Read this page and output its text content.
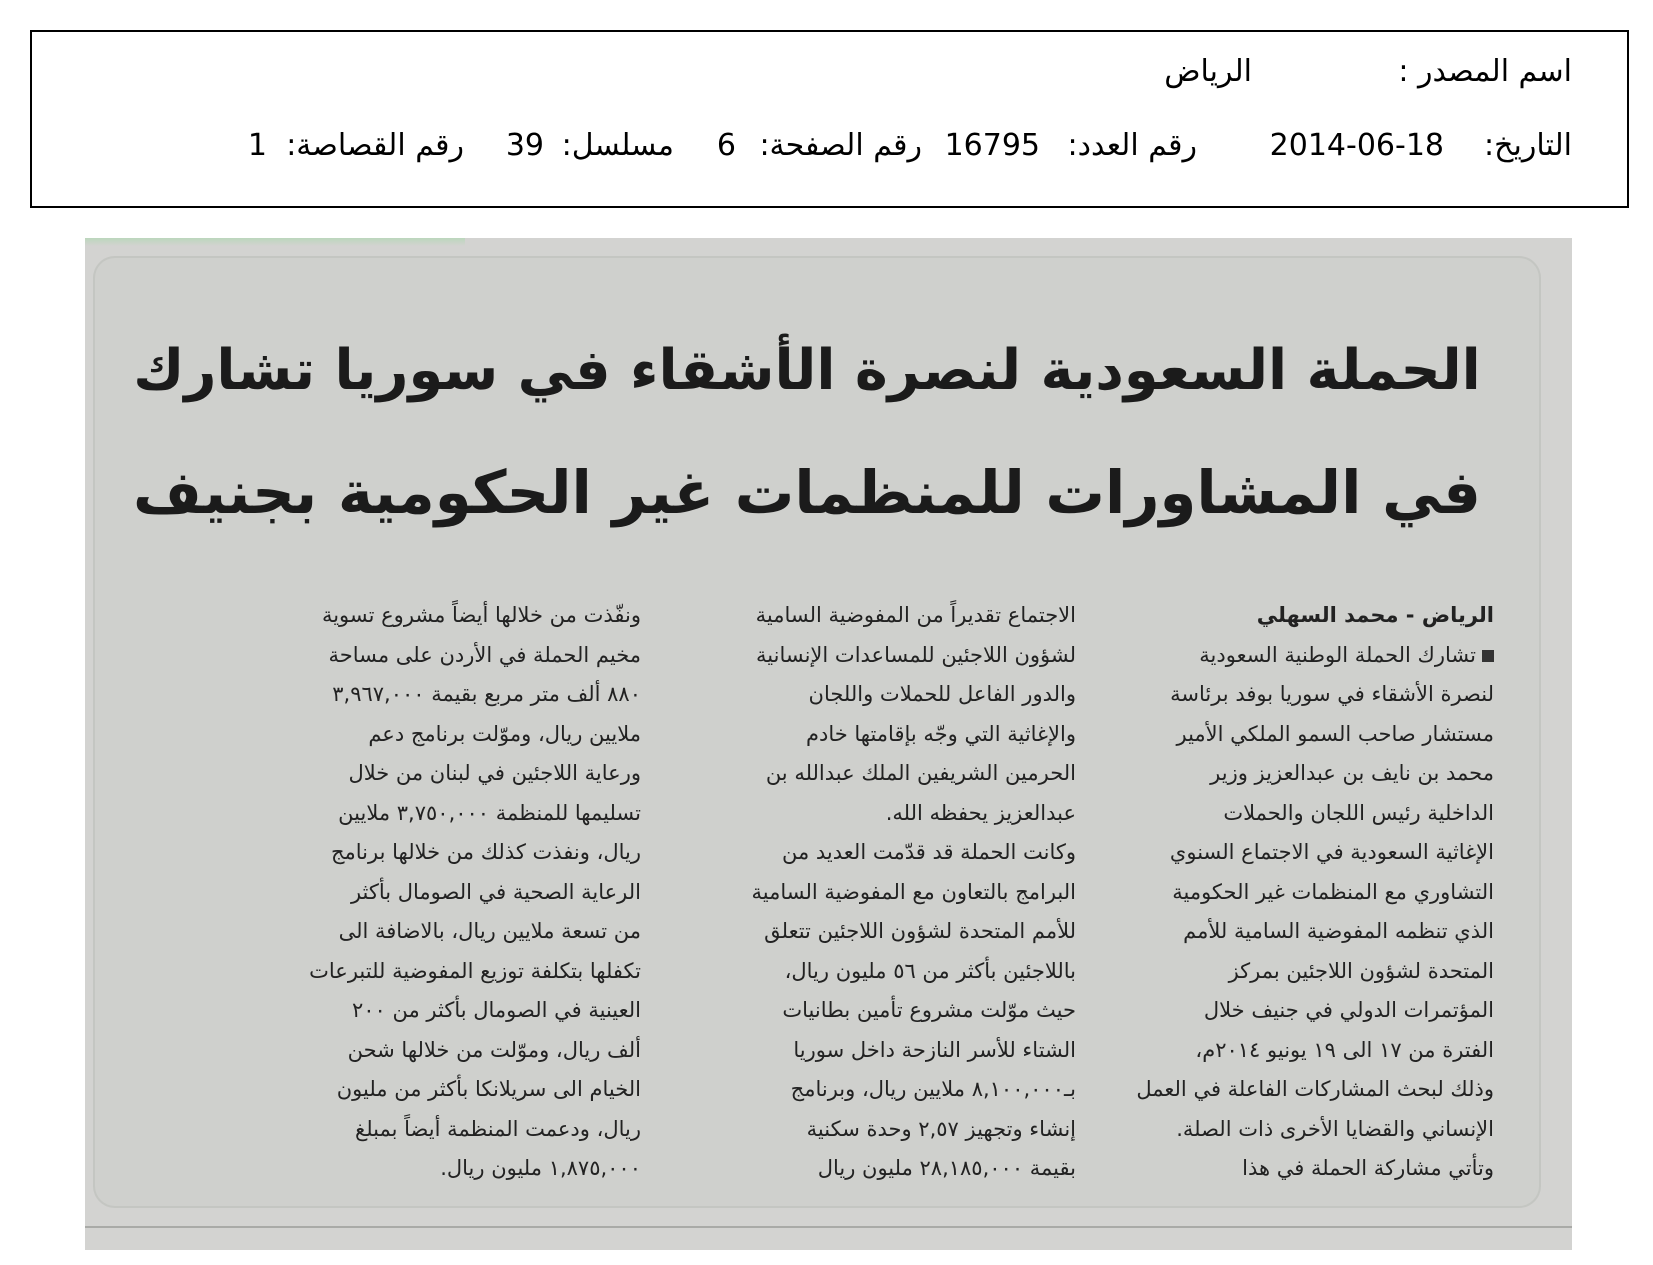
اسم المصدر :
الرياض
التاريخ:
2014-06-18
رقم العدد:
16795
رقم الصفحة:
6
مسلسل:
39
رقم القصاصة:
1
الحملة السعودية لنصرة الأشقاء في سوريا تشارك
في المشاورات للمنظمات غير الحكومية بجنيف
الرياض - محمد السهلي
تشارك الحملة الوطنية السعودية
لنصرة الأشقاء في سوريا بوفد برئاسة
مستشار صاحب السمو الملكي الأمير
محمد بن نايف بن عبدالعزيز وزير
الداخلية رئيس اللجان والحملات
الإغاثية السعودية في الاجتماع السنوي
التشاوري مع المنظمات غير الحكومية
الذي تنظمه المفوضية السامية للأمم
المتحدة لشؤون اللاجئين بمركز
المؤتمرات الدولي في جنيف خلال
الفترة من ١٧ الى ١٩ يونيو ٢٠١٤م،
وذلك لبحث المشاركات الفاعلة في العمل
الإنساني والقضايا الأخرى ذات الصلة.
وتأتي مشاركة الحملة في هذا
الاجتماع تقديراً من المفوضية السامية
لشؤون اللاجئين للمساعدات الإنسانية
والدور الفاعل للحملات واللجان
والإغاثية التي وجّه بإقامتها خادم
الحرمين الشريفين الملك عبدالله بن
عبدالعزيز يحفظه الله.
وكانت الحملة قد قدّمت العديد من
البرامج بالتعاون مع المفوضية السامية
للأمم المتحدة لشؤون اللاجئين تتعلق
باللاجئين بأكثر من ٥٦ مليون ريال،
حيث موّلت مشروع تأمين بطانيات
الشتاء للأسر النازحة داخل سوريا
بـ٨,١٠٠,٠٠٠ ملايين ريال، وبرنامج
إنشاء وتجهيز ٢,٥٧ وحدة سكنية
بقيمة ٢٨,١٨٥,٠٠٠ مليون ريال
ونفّذت من خلالها أيضاً مشروع تسوية
مخيم الحملة في الأردن على مساحة
٨٨٠ ألف متر مربع بقيمة ٣,٩٦٧,٠٠٠
ملايين ريال، وموّلت برنامج دعم
ورعاية اللاجئين في لبنان من خلال
تسليمها للمنظمة ٣,٧٥٠,٠٠٠ ملايين
ريال، ونفذت كذلك من خلالها برنامج
الرعاية الصحية في الصومال بأكثر
من تسعة ملايين ريال، بالاضافة الى
تكفلها بتكلفة توزيع المفوضية للتبرعات
العينية في الصومال بأكثر من ٢٠٠
ألف ريال، وموّلت من خلالها شحن
الخيام الى سريلانكا بأكثر من مليون
ريال، ودعمت المنظمة أيضاً بمبلغ
١,٨٧٥,٠٠٠ مليون ريال.
